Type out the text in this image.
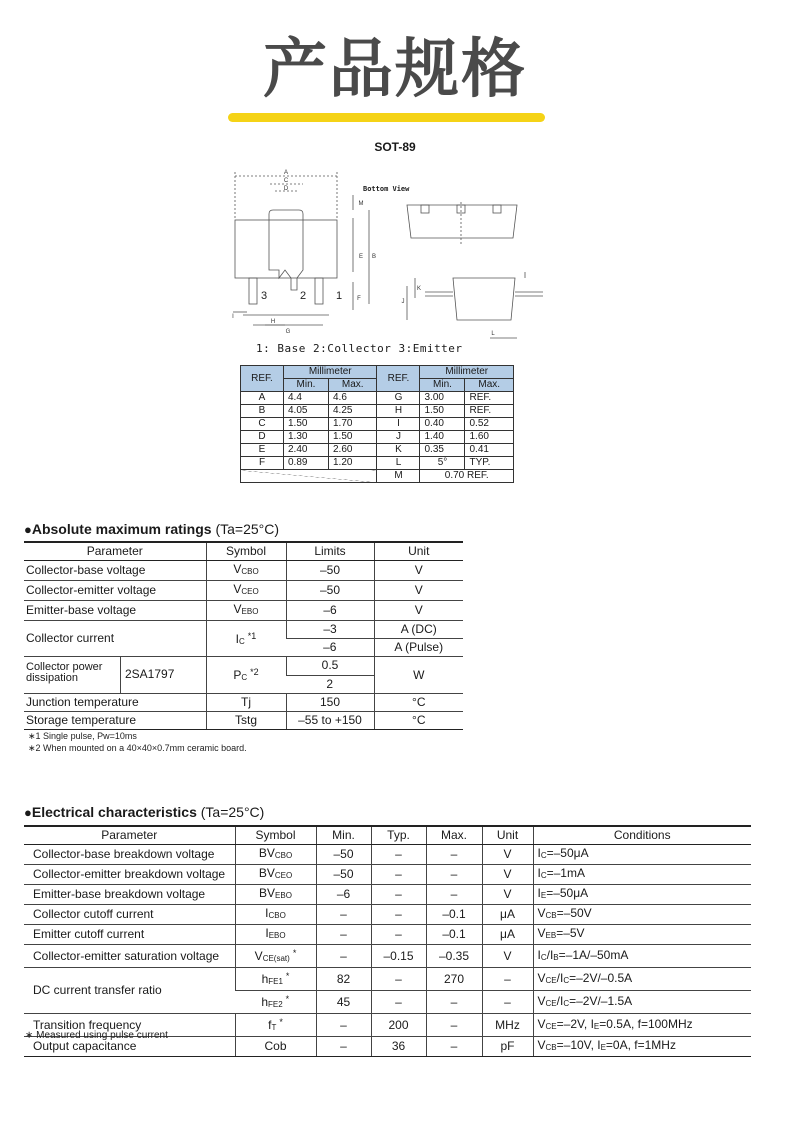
产品规格
SOT-89
A
C
D
M
E B
F
I
H
G
J
K
L
Bottom View
3	2	1
1: Base 2:Collector 3:Emitter
REF.	Millimeter		REF.	Millimeter	
	Min.	Max.		Min.	Max.
A	4.4	4.6	G	3.00	REF.
B	4.05	4.25	H	1.50	REF.
C	1.50	1.70	I	0.40	0.52
D	1.30	1.50	J	1.40	1.60
E	2.40	2.60	K	0.35	0.41
F	0.89	1.20	L	5°	TYP.
			M	0.70 REF.	
●Absolute maximum ratings (Ta=25°C)
Parameter	Symbol	Limits	Unit
Collector-base voltage	$V_{CBO}$	–50	V
Collector-emitter voltage	$V_{CEO}$	–50	V
Emitter-base voltage	$V_{EBO}$	–6	V
Collector current	$I_C^{*1}$	–3	A (DC)
		–6	A (Pulse)

Collector power dissipation 2SA1797	$P_C^{*2}$	0.5	W
		2	
Junction temperature	Tj	150	°C
Storage temperature	Tstg	–55 to +150	°C
∗1 Single pulse, Pw=10ms
∗2 When mounted on a 40×40×0.7mm ceramic board.
●Electrical characteristics (Ta=25°C)
Parameter	Symbol	Min.	Typ.	Max.	Unit	Conditions
Collector-base breakdown voltage	$BV_{CBO}$	–50	–	–	V	$I_C=-50\mu A$
Collector-emitter breakdown voltage	$BV_{CEO}$	–50	–	–	V	$I_C=-1mA$
Emitter-base breakdown voltage	$BV_{EBO}$	–6	–	–	V	$I_E=-50\mu A$
Collector cutoff current	$I_{CBO}$	–	–	–0.1	μA	$V_{CB}=-50V$
Emitter cutoff current	$I_{EBO}$	–	–	–0.1	μA	$V_{EB}=-5V$
Collector-emitter saturation voltage	$V_{CE(sat)}^*$	–	–0.15	–0.35	V	$I_C/I_B=-1A/-50mA$
DC current transfer ratio	$h_{FE1}^*$	82	–	270	–	$V_{CE}/I_C=-2V/-0.5A$
	$h_{FE2}^*$	45	–	–	–	$V_{CE}/I_C=-2V/-1.5A$
Transition frequency	$f_T^*$	–	200	–	MHz	$V_{CE}=-2V$, $I_E=0.5A$, f=100MHz
Output capacitance	Cob	–	36	–	pF	$V_{CB}=-10V$, $I_E=0A$, f=1MHz
∗ Measured using pulse current
